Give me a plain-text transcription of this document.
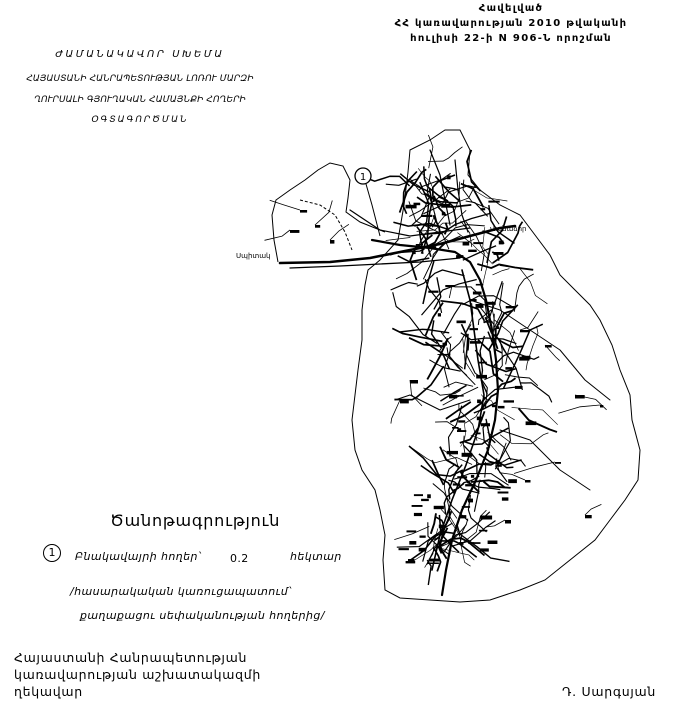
1
Սպիտակ
Վանաձոր
Հավելված
ՀՀ կառավարության 2010 թվականի
հուլիսի 22-ի N 906-Ն որոշման
ԺԱՄԱՆԱԿԱՎՈՐ ՍԽԵՄԱ
ՀԱՅԱՍՏԱՆԻ ՀԱՆՐԱՊԵՏՈՒԹՅԱՆ ԼՈՌՈՒ ՄԱՐԶԻ
ՂՈՒՐՍԱԼԻ ԳՅՈՒՂԱԿԱՆ ՀԱՄԱՅՆՔԻ ՀՈՂԵՐԻ
ՕԳՏԱԳՈՐԾՄԱՆ
Ծանոթագրություն
1	Բնակավայրի հողեր՝	0.2	հեկտար
/հասարակական կառուցապատում՝
քաղաքացու սեփականության հողերից/
Հայաստանի Հանրապետության
կառավարության աշխատակազմի
ղեկավար	Դ. Սարգսյան
